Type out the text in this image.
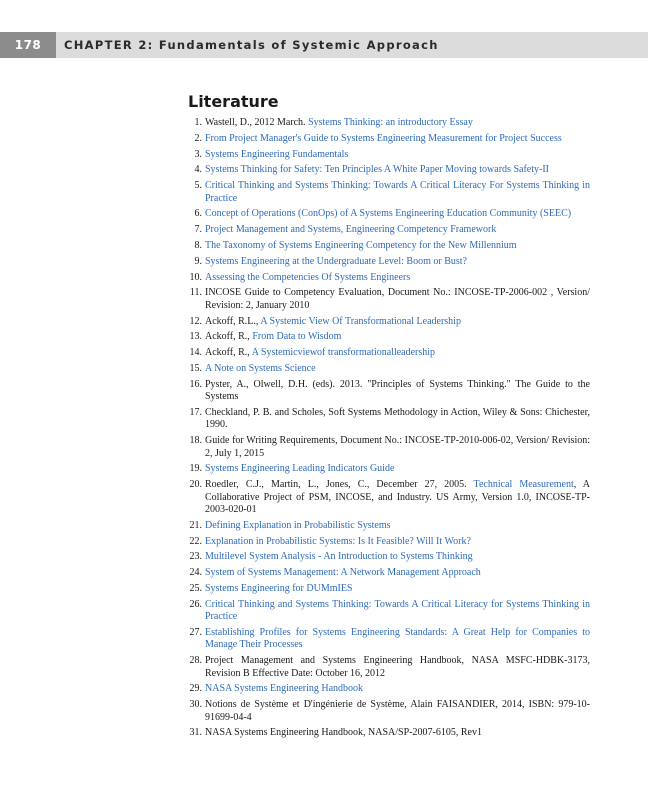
178	CHAPTER 2: Fundamentals of Systemic Approach
Literature
1. Wastell, D., 2012 March. Systems Thinking: an introductory Essay
2. From Project Manager's Guide to Systems Engineering Measurement for Project Success
3. Systems Engineering Fundamentals
4. Systems Thinking for Safety: Ten Principles A White Paper Moving towards Safety-II
5. Critical Thinking and Systems Thinking: Towards A Critical Literacy For Systems Thinking in Practice
6. Concept of Operations (ConOps) of A Systems Engineering Education Community (SEEC)
7. Project Management and Systems, Engineering Competency Framework
8. The Taxonomy of Systems Engineering Competency for the New Millennium
9. Systems Engineering at the Undergraduate Level: Boom or Bust?
10. Assessing the Competencies Of Systems Engineers
11. INCOSE Guide to Competency Evaluation, Document No.: INCOSE-TP-2006-002 , Version/ Revision: 2, January 2010
12. Ackoff, R.L., A Systemic View Of Transformational Leadership
13. Ackoff, R., From Data to Wisdom
14. Ackoff, R., A Systemicviewof transformationalleadership
15. A Note on Systems Science
16. Pyster, A., Olwell, D.H. (eds). 2013. "Principles of Systems Thinking." The Guide to the Systems
17. Checkland, P. B. and Scholes, Soft Systems Methodology in Action, Wiley & Sons: Chichester, 1990.
18. Guide for Writing Requirements, Document No.: INCOSE-TP-2010-006-02, Version/ Revision: 2, July 1, 2015
19. Systems Engineering Leading Indicators Guide
20. Roedler, C.J., Martin, L., Jones, C., December 27, 2005. Technical Measurement, A Collaborative Project of PSM, INCOSE, and Industry. US Army, Version 1.0, INCOSE-TP-2003-020-01
21. Defining Explanation in Probabilistic Systems
22. Explanation in Probabilistic Systems: Is It Feasible? Will It Work?
23. Multilevel System Analysis - An Introduction to Systems Thinking
24. System of Systems Management: A Network Management Approach
25. Systems Engineering for DUMmIES
26. Critical Thinking and Systems Thinking: Towards A Critical Literacy for Systems Thinking in Practice
27. Establishing Profiles for Systems Engineering Standards: A Great Help for Companies to Manage Their Processes
28. Project Management and Systems Engineering Handbook, NASA MSFC-HDBK-3173, Revision B Effective Date: October 16, 2012
29. NASA Systems Engineering Handbook
30. Notions de Système et D'ingénierie de Système, Alain FAISANDIER, 2014, ISBN: 979-10-91699-04-4
31. NASA Systems Engineering Handbook, NASA/SP-2007-6105, Rev1
